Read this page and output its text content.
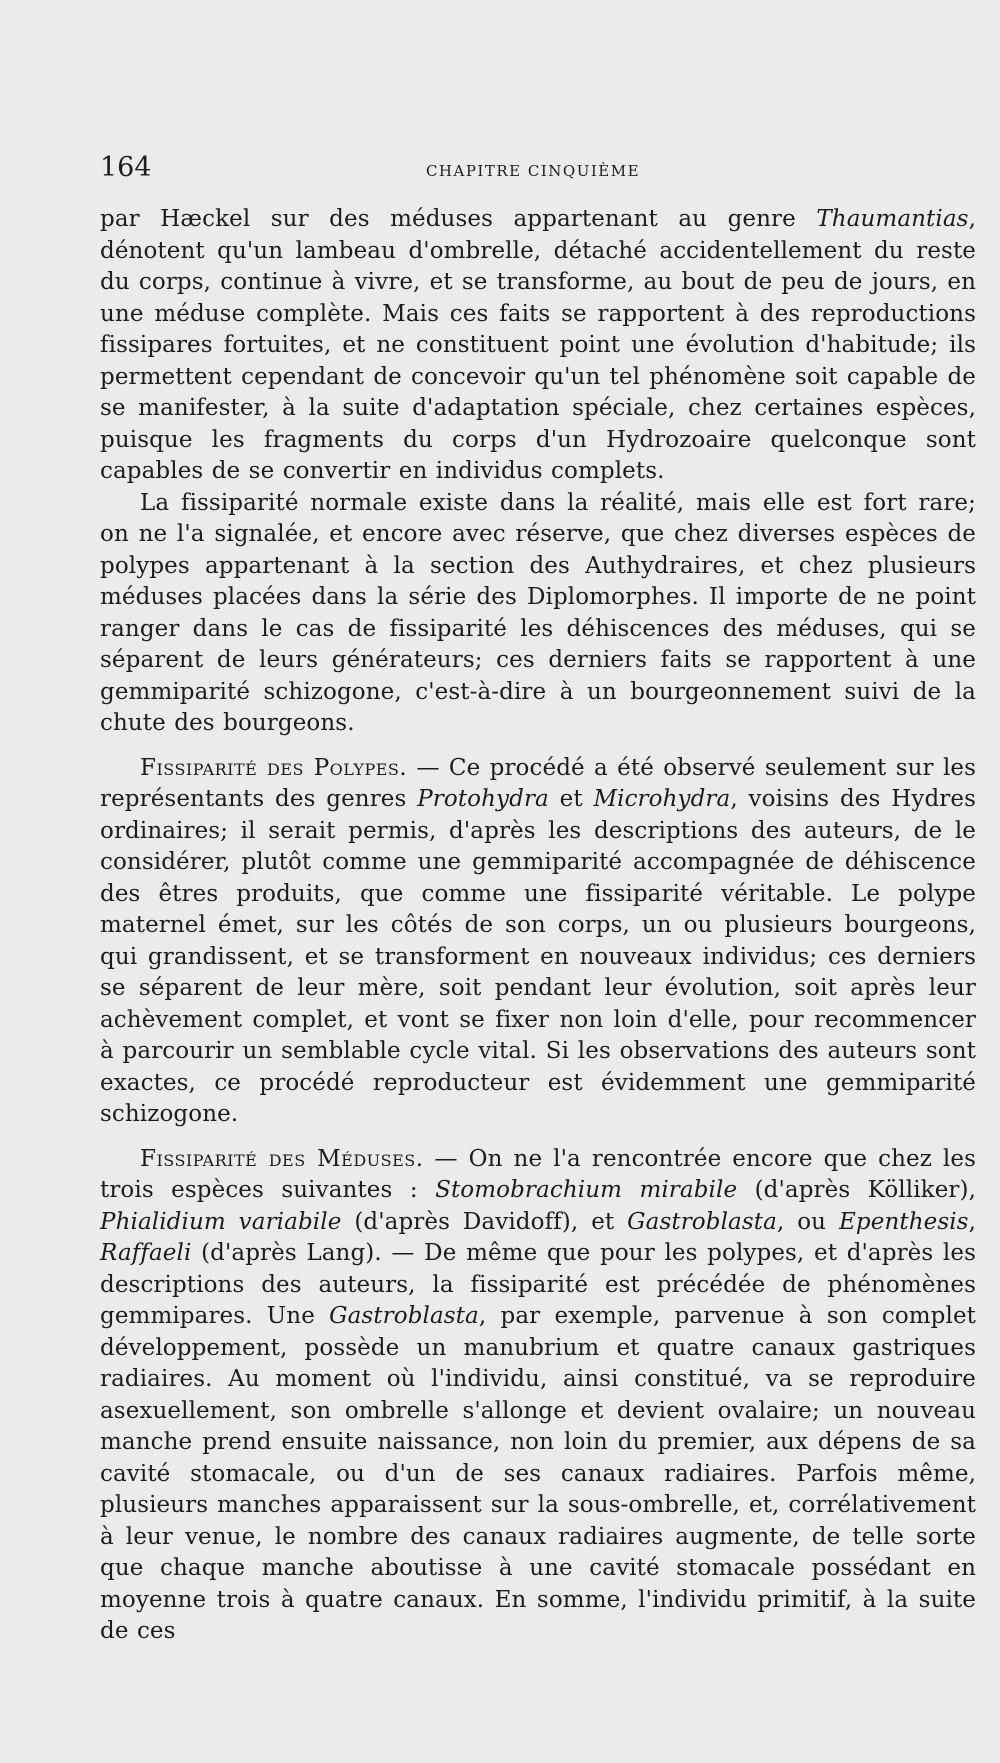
164	CHAPITRE CINQUIÈME

par Hæckel sur des méduses appartenant au genre Thaumantias, dénotent qu'un lambeau d'ombrelle, détaché accidentellement du reste du corps, continue à vivre, et se transforme, au bout de peu de jours, en une méduse complète. Mais ces faits se rapportent à des reproductions fissipares fortuites, et ne constituent point une évolution d'habitude; ils permettent cependant de concevoir qu'un tel phénomène soit capable de se manifester, à la suite d'adaptation spéciale, chez certaines espèces, puisque les fragments du corps d'un Hydrozoaire quelconque sont capables de se convertir en individus complets.

La fissiparité normale existe dans la réalité, mais elle est fort rare; on ne l'a signalée, et encore avec réserve, que chez diverses espèces de polypes appartenant à la section des Authydraires, et chez plusieurs méduses placées dans la série des Diplomorphes. Il importe de ne point ranger dans le cas de fissiparité les déhiscences des méduses, qui se séparent de leurs générateurs; ces derniers faits se rapportent à une gemmiparité schizogone, c'est-à-dire à un bourgeonnement suivi de la chute des bourgeons.

Fissiparité des Polypes. — Ce procédé a été observé seulement sur les représentants des genres Protohydra et Microhydra, voisins des Hydres ordinaires; il serait permis, d'après les descriptions des auteurs, de le considérer, plutôt comme une gemmiparité accompagnée de déhiscence des êtres produits, que comme une fissiparité véritable. Le polype maternel émet, sur les côtés de son corps, un ou plusieurs bourgeons, qui grandissent, et se transforment en nouveaux individus; ces derniers se séparent de leur mère, soit pendant leur évolution, soit après leur achèvement complet, et vont se fixer non loin d'elle, pour recommencer à parcourir un semblable cycle vital. Si les observations des auteurs sont exactes, ce procédé reproducteur est évidemment une gemmiparité schizogone.

Fissiparité des Méduses. — On ne l'a rencontrée encore que chez les trois espèces suivantes : Stomobrachium mirabile (d'après Kölliker), Phialidium variabile (d'après Davidoff), et Gastroblasta, ou Epenthesis, Raffaeli (d'après Lang). — De même que pour les polypes, et d'après les descriptions des auteurs, la fissiparité est précédée de phénomènes gemmipares. Une Gastroblasta, par exemple, parvenue à son complet développement, possède un manubrium et quatre canaux gastriques radiaires. Au moment où l'individu, ainsi constitué, va se reproduire asexuellement, son ombrelle s'allonge et devient ovalaire; un nouveau manche prend ensuite naissance, non loin du premier, aux dépens de sa cavité stomacale, ou d'un de ses canaux radiaires. Parfois même, plusieurs manches apparaissent sur la sous-ombrelle, et, corrélativement à leur venue, le nombre des canaux radiaires augmente, de telle sorte que chaque manche aboutisse à une cavité stomacale possédant en moyenne trois à quatre canaux. En somme, l'individu primitif, à la suite de ces
